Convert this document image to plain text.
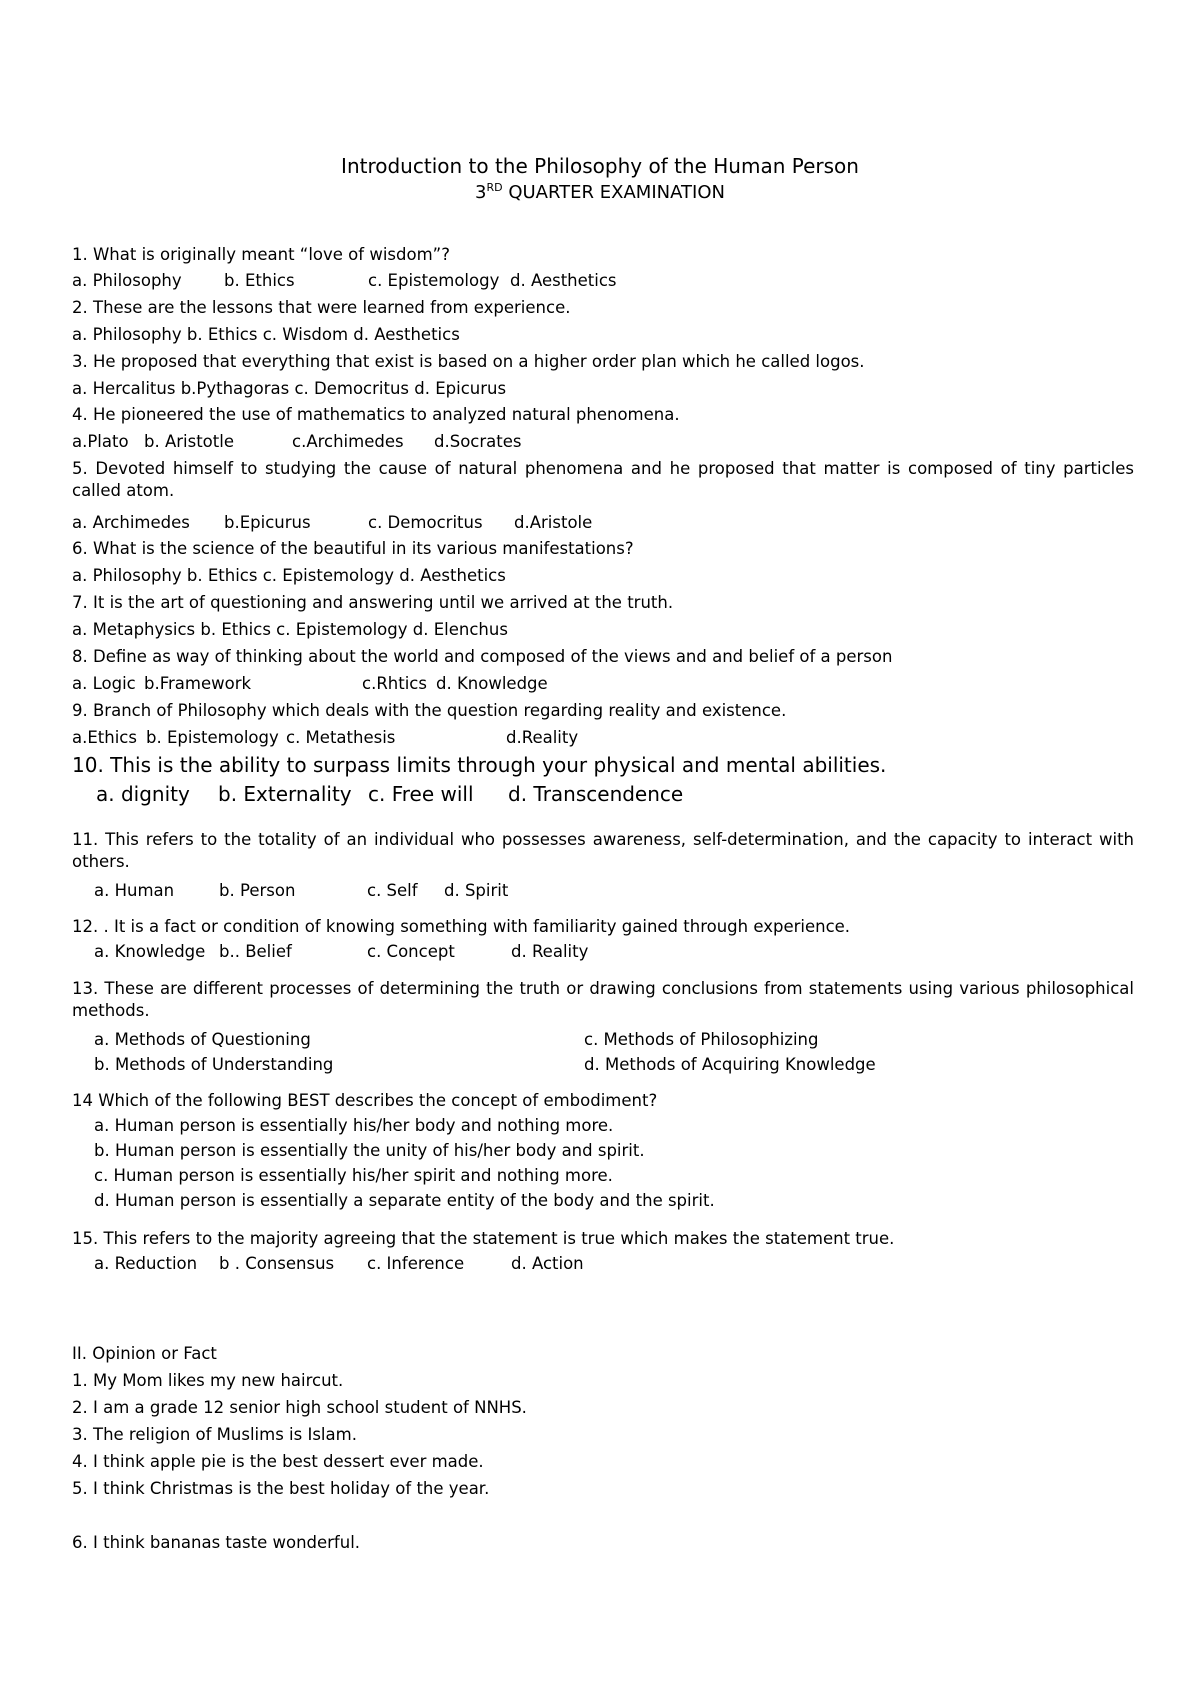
Introduction to the Philosophy of the Human Person
3RD QUARTER EXAMINATION
1. What is originally meant “love of wisdom”?
a. Philosophy	b. Ethics	c. Epistemology d. Aesthetics
2. These are the lessons that were learned from experience.
a. Philosophy b. Ethics c. Wisdom d. Aesthetics
3. He proposed that everything that exist is based on a higher order plan which he called logos.
a. Hercalitus b.Pythagoras c. Democritus d. Epicurus
4. He pioneered the use of mathematics to analyzed natural phenomena.
a.Plato b. Aristotle	c.Archimedes d.Socrates
5. Devoted himself to studying the cause of natural phenomena and he proposed that matter is composed of tiny particles called atom.
a. Archimedes b.Epicurus	c. Democritus d.Aristole
6. What is the science of the beautiful in its various manifestations?
a. Philosophy b. Ethics c. Epistemology d. Aesthetics
7. It is the art of questioning and answering until we arrived at the truth.
a. Metaphysics b. Ethics c. Epistemology d. Elenchus
8. Define as way of thinking about the world and composed of the views and and belief of a person
a. Logic b.Framework	c.Rhtics d. Knowledge
9. Branch of Philosophy which deals with the question regarding reality and existence.
a.Ethics b. Epistemology c. Metathesis	d.Reality
10. This is the ability to surpass limits through your physical and mental abilities.
a. dignity b. Externality c. Free will d. Transcendence
11. This refers to the totality of an individual who possesses awareness, self-determination, and the capacity to interact with others.
a. Human	b. Person	c. Self d. Spirit
12. . It is a fact or condition of knowing something with familiarity gained through experience.
a. Knowledge b.. Belief	c. Concept	d. Reality
13. These are different processes of determining the truth or drawing conclusions from statements using various philosophical methods.
a. Methods of Questioning	c. Methods of Philosophizing
b. Methods of Understanding	d. Methods of Acquiring Knowledge
14 Which of the following BEST describes the concept of embodiment?
a. Human person is essentially his/her body and nothing more.
b. Human person is essentially the unity of his/her body and spirit.
c. Human person is essentially his/her spirit and nothing more.
d. Human person is essentially a separate entity of the body and the spirit.
15. This refers to the majority agreeing that the statement is true which makes the statement true.
a. Reduction b . Consensus c. Inference	d. Action
II. Opinion or Fact
1. My Mom likes my new haircut.
2. I am a grade 12 senior high school student of NNHS.
3. The religion of Muslims is Islam.
4. I think apple pie is the best dessert ever made.
5. I think Christmas is the best holiday of the year.
6. I think bananas taste wonderful.
